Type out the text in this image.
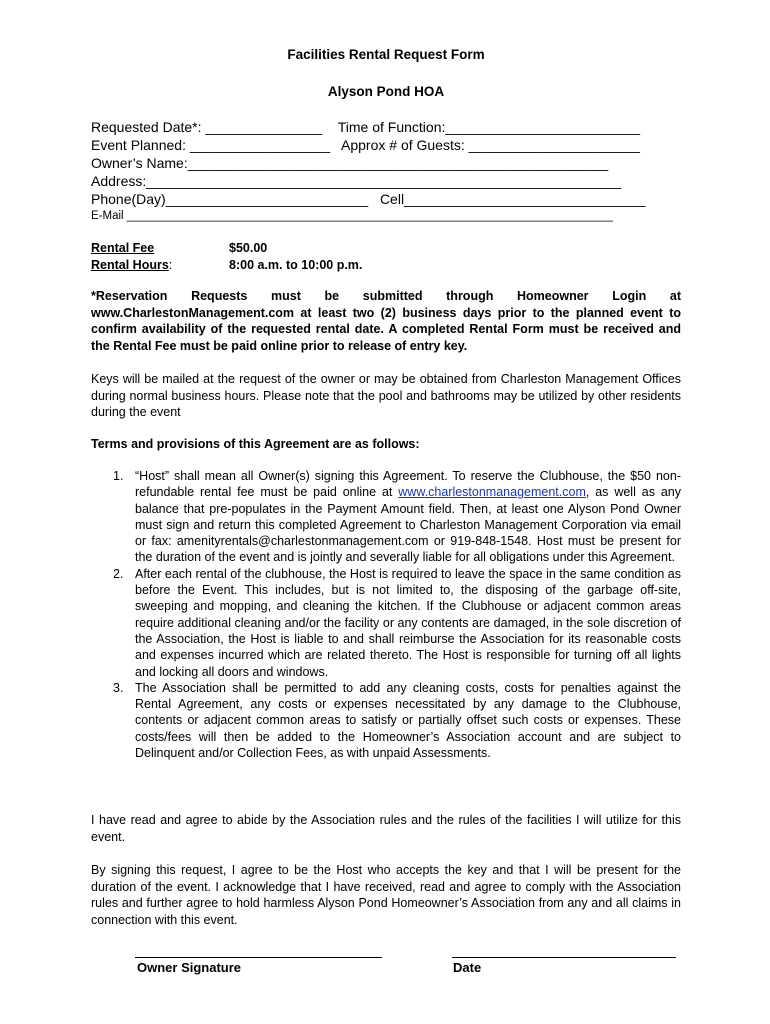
Facilities Rental Request Form
Alyson Pond HOA
Requested Date*: _______________ Time of Function:_________________________
Event Planned: __________________ Approx # of Guests: ______________________
Owner’s Name:______________________________________________________
Address:_____________________________________________________________
Phone(Day)__________________________ Cell_______________________________
E-Mail ____________________________________________________________________________
Rental Fee	$50.00
Rental Hours:	8:00 a.m. to 10:00 p.m.
*Reservation Requests must be submitted through Homeowner Login at www.CharlestonManagement.com at least two (2) business days prior to the planned event to confirm availability of the requested rental date. A completed Rental Form must be received and the Rental Fee must be paid online prior to release of entry key.
Keys will be mailed at the request of the owner or may be obtained from Charleston Management Offices during normal business hours. Please note that the pool and bathrooms may be utilized by other residents during the event
Terms and provisions of this Agreement are as follows:
1. “Host” shall mean all Owner(s) signing this Agreement. To reserve the Clubhouse, the $50 non-refundable rental fee must be paid online at www.charlestonmanagement.com, as well as any balance that pre-populates in the Payment Amount field. Then, at least one Alyson Pond Owner must sign and return this completed Agreement to Charleston Management Corporation via email or fax: amenityrentals@charlestonmanagement.com or 919-848-1548. Host must be present for the duration of the event and is jointly and severally liable for all obligations under this Agreement.
2. After each rental of the clubhouse, the Host is required to leave the space in the same condition as before the Event. This includes, but is not limited to, the disposing of the garbage off-site, sweeping and mopping, and cleaning the kitchen. If the Clubhouse or adjacent common areas require additional cleaning and/or the facility or any contents are damaged, in the sole discretion of the Association, the Host is liable to and shall reimburse the Association for its reasonable costs and expenses incurred which are related thereto. The Host is responsible for turning off all lights and locking all doors and windows.
3. The Association shall be permitted to add any cleaning costs, costs for penalties against the Rental Agreement, any costs or expenses necessitated by any damage to the Clubhouse, contents or adjacent common areas to satisfy or partially offset such costs or expenses. These costs/fees will then be added to the Homeowner’s Association account and are subject to Delinquent and/or Collection Fees, as with unpaid Assessments.
I have read and agree to abide by the Association rules and the rules of the facilities I will utilize for this event.
By signing this request, I agree to be the Host who accepts the key and that I will be present for the duration of the event. I acknowledge that I have received, read and agree to comply with the Association rules and further agree to hold harmless Alyson Pond Homeowner’s Association from any and all claims in connection with this event.
Owner Signature	Date
